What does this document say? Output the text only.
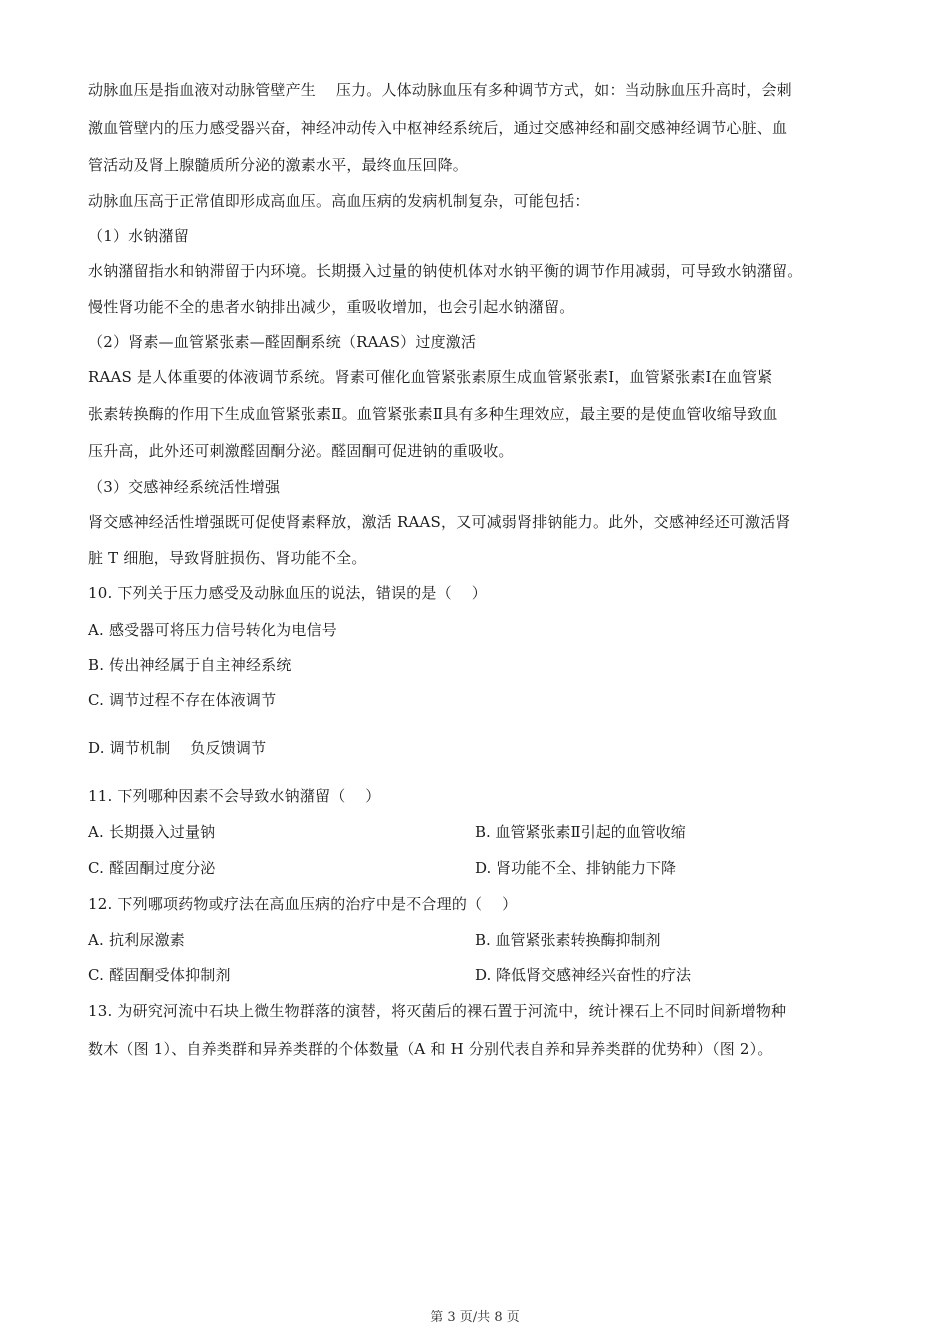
动脉血压是指血液对动脉管壁产生    压力。人体动脉血压有多种调节方式，如：当动脉血压升高时，会刺
激血管壁内的压力感受器兴奋，神经冲动传入中枢神经系统后，通过交感神经和副交感神经调节心脏、血
管活动及肾上腺髓质所分泌的激素水平，最终血压回降。
动脉血压高于正常值即形成高血压。高血压病的发病机制复杂，可能包括：
（1）水钠潴留
水钠潴留指水和钠滞留于内环境。长期摄入过量的钠使机体对水钠平衡的调节作用减弱，可导致水钠潴留。
慢性肾功能不全的患者水钠排出减少，重吸收增加，也会引起水钠潴留。
（2）肾素—血管紧张素—醛固酮系统（RAAS）过度激活
RAAS 是人体重要的体液调节系统。肾素可催化血管紧张素原生成血管紧张素Ⅰ，血管紧张素Ⅰ在血管紧
张素转换酶的作用下生成血管紧张素Ⅱ。血管紧张素Ⅱ具有多种生理效应，最主要的是使血管收缩导致血
压升高，此外还可刺激醛固酮分泌。醛固酮可促进钠的重吸收。
（3）交感神经系统活性增强
肾交感神经活性增强既可促使肾素释放，激活 RAAS，又可减弱肾排钠能力。此外，交感神经还可激活肾
脏 T 细胞，导致肾脏损伤、肾功能不全。
10. 下列关于压力感受及动脉血压的说法，错误的是（    ）
A. 感受器可将压力信号转化为电信号
B. 传出神经属于自主神经系统
C. 调节过程不存在体液调节
D. 调节机制    负反馈调节
11. 下列哪种因素不会导致水钠潴留（    ）
A. 长期摄入过量钠	B. 血管紧张素Ⅱ引起的血管收缩
C. 醛固酮过度分泌	D. 肾功能不全、排钠能力下降
12. 下列哪项药物或疗法在高血压病的治疗中是不合理的（    ）
A. 抗利尿激素	B. 血管紧张素转换酶抑制剂
C. 醛固酮受体抑制剂	D. 降低肾交感神经兴奋性的疗法
13. 为研究河流中石块上微生物群落的演替，将灭菌后的裸石置于河流中，统计裸石上不同时间新增物种
数木（图 1）、自养类群和异养类群的个体数量（A 和 H 分别代表自养和异养类群的优势种）（图 2）。
第 3 页/共 8 页
